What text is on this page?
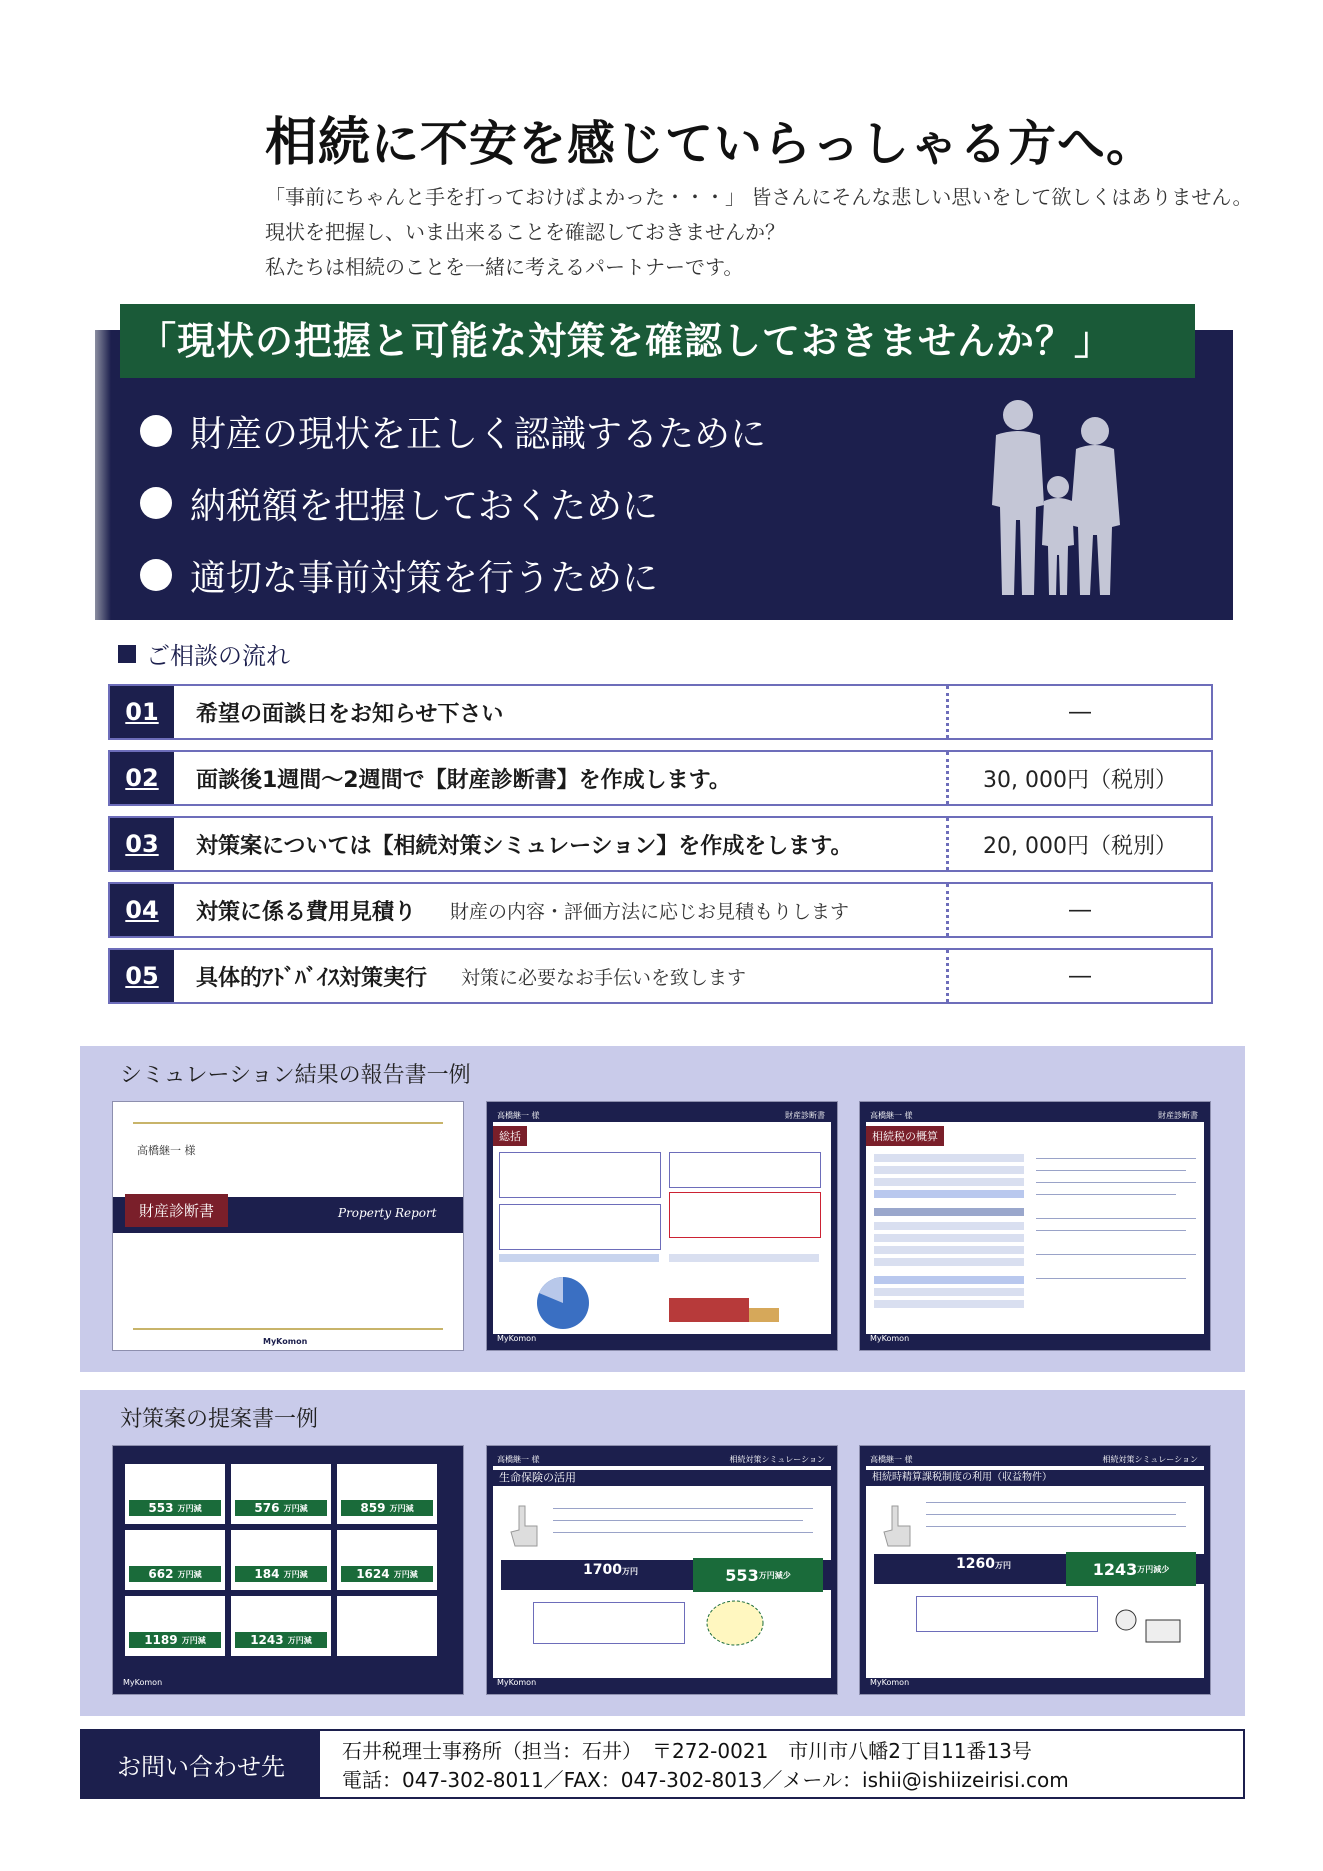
相続に不安を感じていらっしゃる方へ。
「事前にちゃんと手を打っておけばよかった・・・」 皆さんにそんな悲しい思いをして欲しくはありません。
現状を把握し、いま出来ることを確認しておきませんか？
私たちは相続のことを一緒に考えるパートナーです。
「現状の把握と可能な対策を確認しておきませんか？」
財産の現状を正しく認識するために
納税額を把握しておくために
適切な事前対策を行うために
ご相談の流れ
01	希望の面談日をお知らせ下さい	―
02	面談後1週間～2週間で【財産診断書】を作成します。	30, 000円（税別）
03	対策案については【相続対策シミュレーション】を作成をします。	20, 000円（税別）
04	対策に係る費用見積り 財産の内容・評価方法に応じお見積もりします	―
05	具体的ｱﾄﾞﾊﾞｲｽ対策実行 対策に必要なお手伝いを致します	―
シミュレーション結果の報告書一例
高橋継一 様
財産診断書	Property Report
MyKomon
高橋継一 様	財産診断書
総括
MyKomon
高橋継一 様	財産診断書
相続税の概算
MyKomon
対策案の提案書一例
553
万円減	576
万円減	859
万円減
662
万円減	184
万円減	1624
万円減
1189
万円減	1243
万円減
MyKomon
高橋継一 様	相続対策シミュレーション
生命保険の活用
1700万円	553 万円減少
MyKomon
高橋継一 様	相続対策シミュレーション
相続時精算課税制度の利用（収益物件）
1260万円	1243 万円減少
MyKomon
お問い合わせ先
石井税理士事務所（担当：石井）　〒272-0021　市川市八幡2丁目11番13号
電話：047-302-8011／FAX：047-302-8013／メール：ishii@ishiizeirisi.com
